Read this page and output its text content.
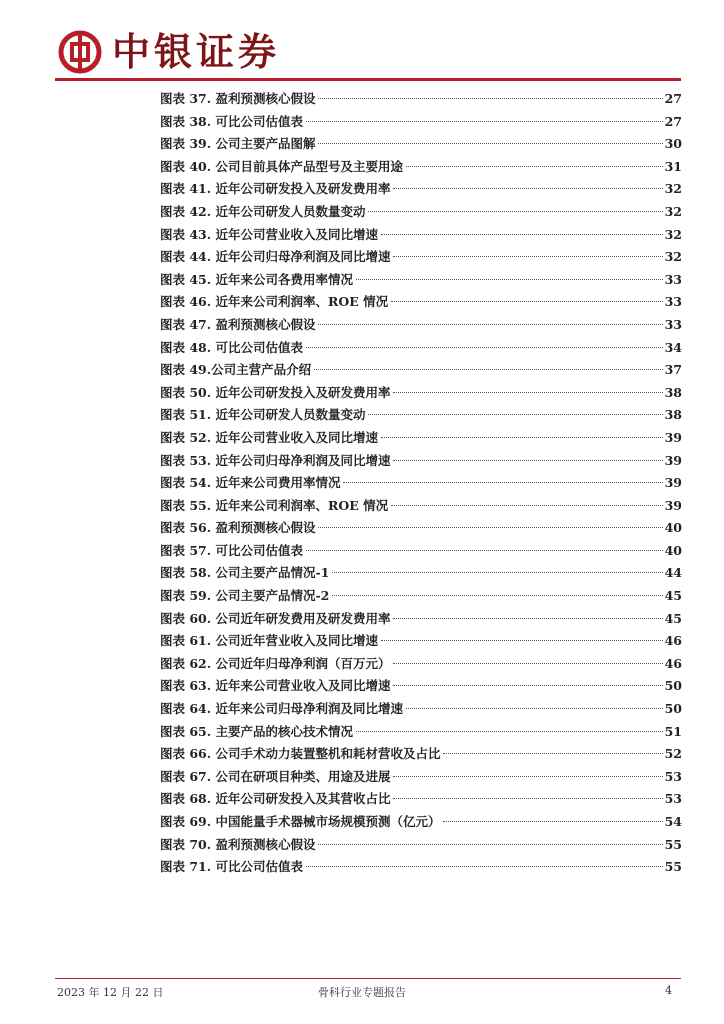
中银证券
图表 37. 盈利预测核心假设	27
图表 38. 可比公司估值表	27
图表 39. 公司主要产品图解	30
图表 40. 公司目前具体产品型号及主要用途	31
图表 41. 近年公司研发投入及研发费用率	32
图表 42. 近年公司研发人员数量变动	32
图表 43. 近年公司营业收入及同比增速	32
图表 44. 近年公司归母净利润及同比增速	32
图表 45. 近年来公司各费用率情况	33
图表 46. 近年来公司利润率、ROE 情况	33
图表 47. 盈利预测核心假设	33
图表 48. 可比公司估值表	34
图表 49.公司主营产品介绍	37
图表 50. 近年公司研发投入及研发费用率	38
图表 51. 近年公司研发人员数量变动	38
图表 52. 近年公司营业收入及同比增速	39
图表 53. 近年公司归母净利润及同比增速	39
图表 54. 近年来公司费用率情况	39
图表 55. 近年来公司利润率、ROE 情况	39
图表 56. 盈利预测核心假设	40
图表 57. 可比公司估值表	40
图表 58. 公司主要产品情况-1	44
图表 59. 公司主要产品情况-2	45
图表 60. 公司近年研发费用及研发费用率	45
图表 61. 公司近年营业收入及同比增速	46
图表 62. 公司近年归母净利润（百万元）	46
图表 63. 近年来公司营业收入及同比增速	50
图表 64. 近年来公司归母净利润及同比增速	50
图表 65. 主要产品的核心技术情况	51
图表 66. 公司手术动力装置整机和耗材营收及占比	52
图表 67. 公司在研项目种类、用途及进展	53
图表 68. 近年公司研发投入及其营收占比	53
图表 69. 中国能量手术器械市场规模预测（亿元）	54
图表 70. 盈利预测核心假设	55
图表 71. 可比公司估值表	55
2023 年 12 月 22 日	骨科行业专题报告	4
